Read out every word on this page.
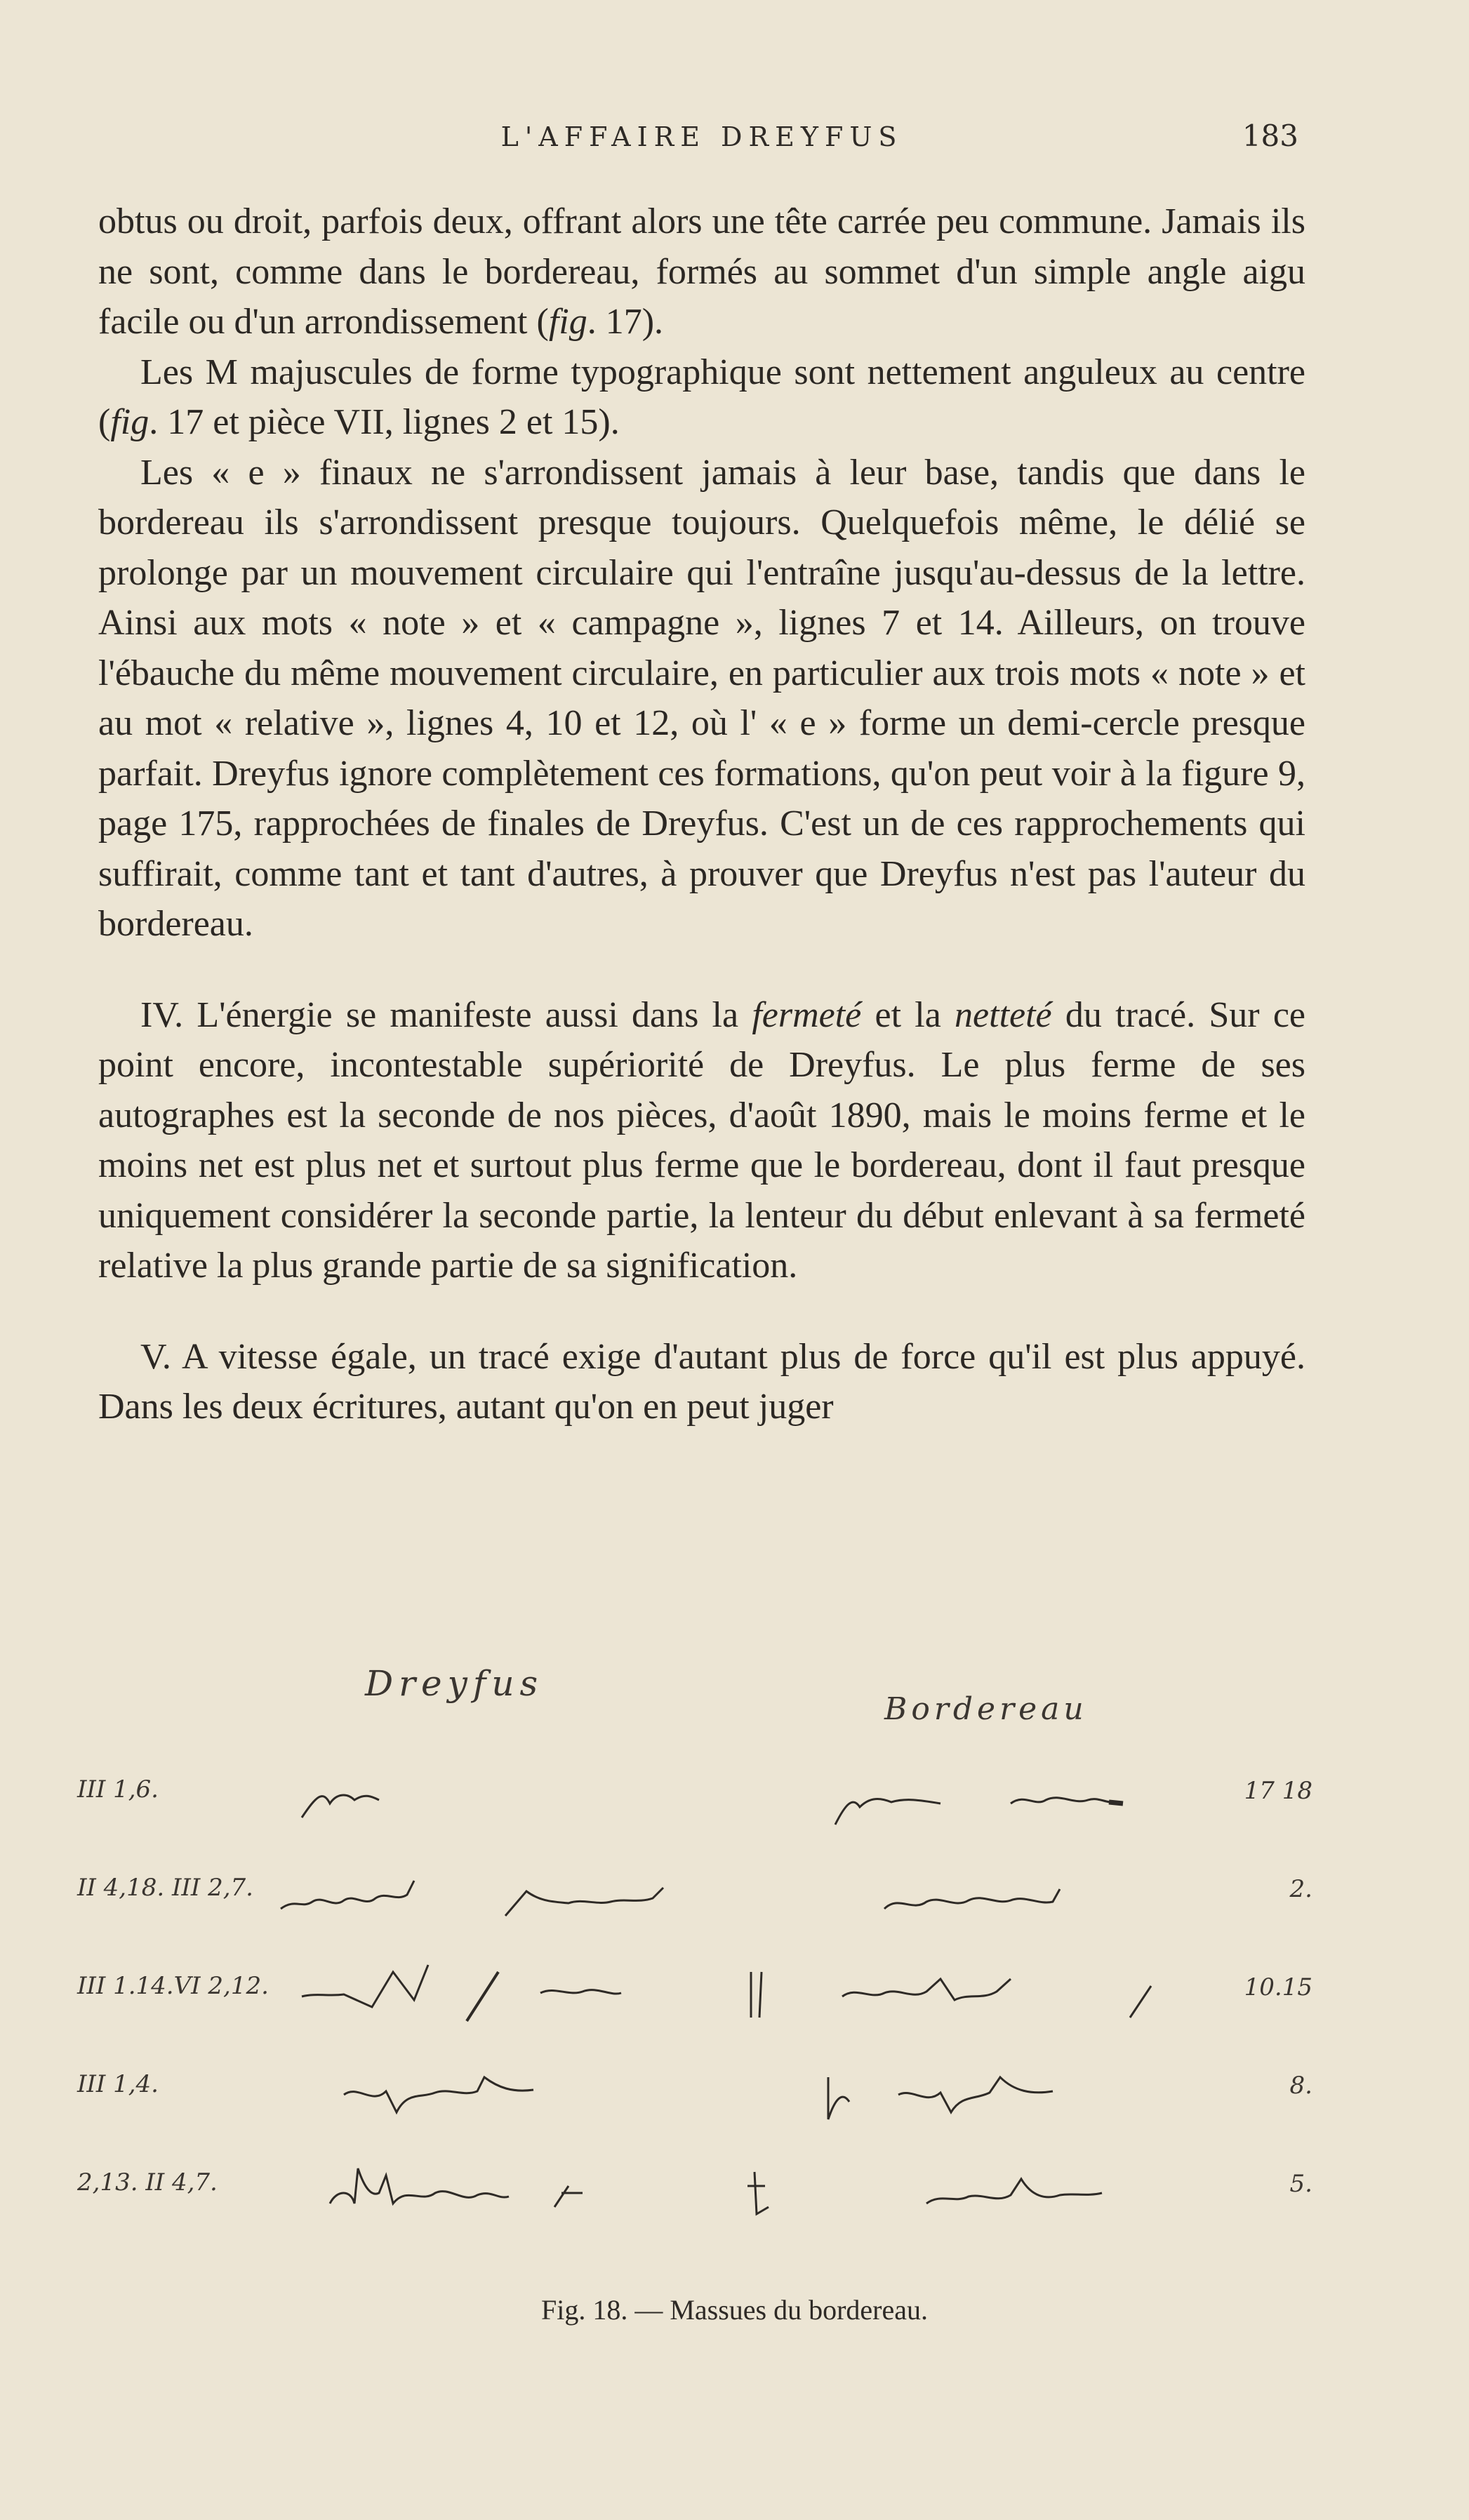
L'AFFAIRE DREYFUS	183

obtus ou droit, parfois deux, offrant alors une tête carrée peu commune. Jamais ils ne sont, comme dans le bordereau, formés au sommet d'un simple angle aigu facile ou d'un arrondissement (fig. 17).

Les M majuscules de forme typographique sont nettement anguleux au centre (fig. 17 et pièce VII, lignes 2 et 15).

Les « e » finaux ne s'arrondissent jamais à leur base, tandis que dans le bordereau ils s'arrondissent presque toujours. Quelquefois même, le délié se prolonge par un mouvement circulaire qui l'entraîne jusqu'au-dessus de la lettre. Ainsi aux mots « note » et « campagne », lignes 7 et 14. Ailleurs, on trouve l'ébauche du même mouvement circulaire, en particulier aux trois mots « note » et au mot « relative », lignes 4, 10 et 12, où l' « e » forme un demi-cercle presque parfait. Dreyfus ignore complètement ces formations, qu'on peut voir à la figure 9, page 175, rapprochées de finales de Dreyfus. C'est un de ces rapprochements qui suffirait, comme tant et tant d'autres, à prouver que Dreyfus n'est pas l'auteur du bordereau.

IV. L'énergie se manifeste aussi dans la fermeté et la netteté du tracé. Sur ce point encore, incontestable supériorité de Dreyfus. Le plus ferme de ses autographes est la seconde de nos pièces, d'août 1890, mais le moins ferme et le moins net est plus net et surtout plus ferme que le bordereau, dont il faut presque uniquement considérer la seconde partie, la lenteur du début enlevant à sa fermeté relative la plus grande partie de sa signification.

V. A vitesse égale, un tracé exige d'autant plus de force qu'il est plus appuyé. Dans les deux écritures, autant qu'on en peut juger

Dreyfus
Bordereau
III 1,6.	17 18
II 4,18. III 2,7.	2.
III 1.14.VI 2,12.	10.15
III 1,4.	8.
2,13. II 4,7.	5.
Fig. 18. — Massues du bordereau.
